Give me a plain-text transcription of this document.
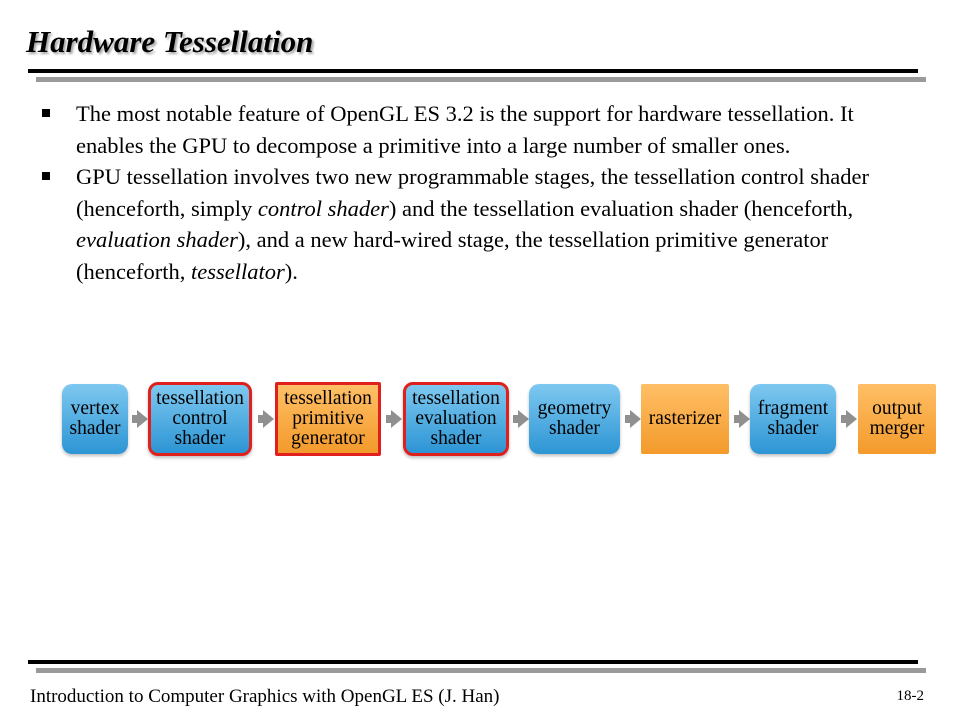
Hardware Tessellation
The most notable feature of OpenGL ES 3.2 is the support for hardware tessellation. It enables the GPU to decompose a primitive into a large number of smaller ones.
GPU tessellation involves two new programmable stages, the tessellation control shader (henceforth, simply control shader) and the tessellation evaluation shader (henceforth, evaluation shader), and a new hard-wired stage, the tessellation primitive generator (henceforth, tessellator).
vertex
shader
tessellation
control
shader
tessellation
primitive
generator
tessellation
evaluation
shader
geometry
shader	rasterizer fragment
shader
output
merger
Introduction to Computer Graphics with OpenGL ES (J. Han)	18-2
